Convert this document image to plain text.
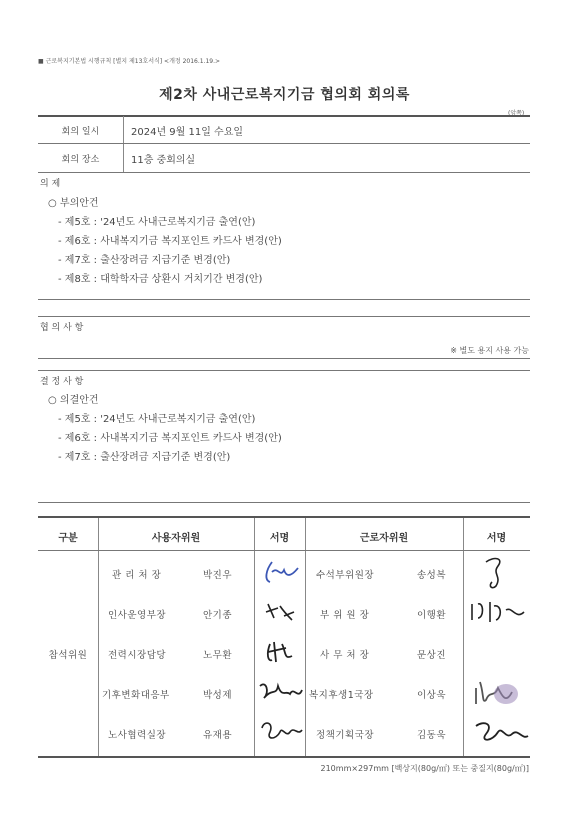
■ 근로복지기본법 시행규칙 [별지 제13호서식] <개정 2016.1.19.>
제2차 사내근로복지기금 협의회 회의록
(앞쪽)
회의 일시	2024년 9월 11일 수요일
회의 장소	11층 중회의실
의 제
○ 부의안건
- 제5호 : '24년도 사내근로복지기금 출연(안)
- 제6호 : 사내복지기금 복지포인트 카드사 변경(안)
- 제7호 : 출산장려금 지급기준 변경(안)
- 제8호 : 대학학자금 상환시 거치기간 변경(안)
협 의 사 항
※ 별도 용지 사용 가능
결 정 사 항
○ 의결안건
- 제5호 : '24년도 사내근로복지기금 출연(안)
- 제6호 : 사내복지기금 복지포인트 카드사 변경(안)
- 제7호 : 출산장려금 지급기준 변경(안)
구분	사용자위원	서명	근로자위원	서명
참석위원
관 리 처 장	박진우	수석부위원장	송성복
인사운영부장	안기종	부 위 원 장	이행환
전력시장담당	노무환	사 무 처 장	문상진
기후변화대응부	박성제	복지후생1국장	이상욱
노사협력실장	유재용	정책기획국장	김동욱
210mm×297mm [백상지(80g/㎡) 또는 중질지(80g/㎡)]
